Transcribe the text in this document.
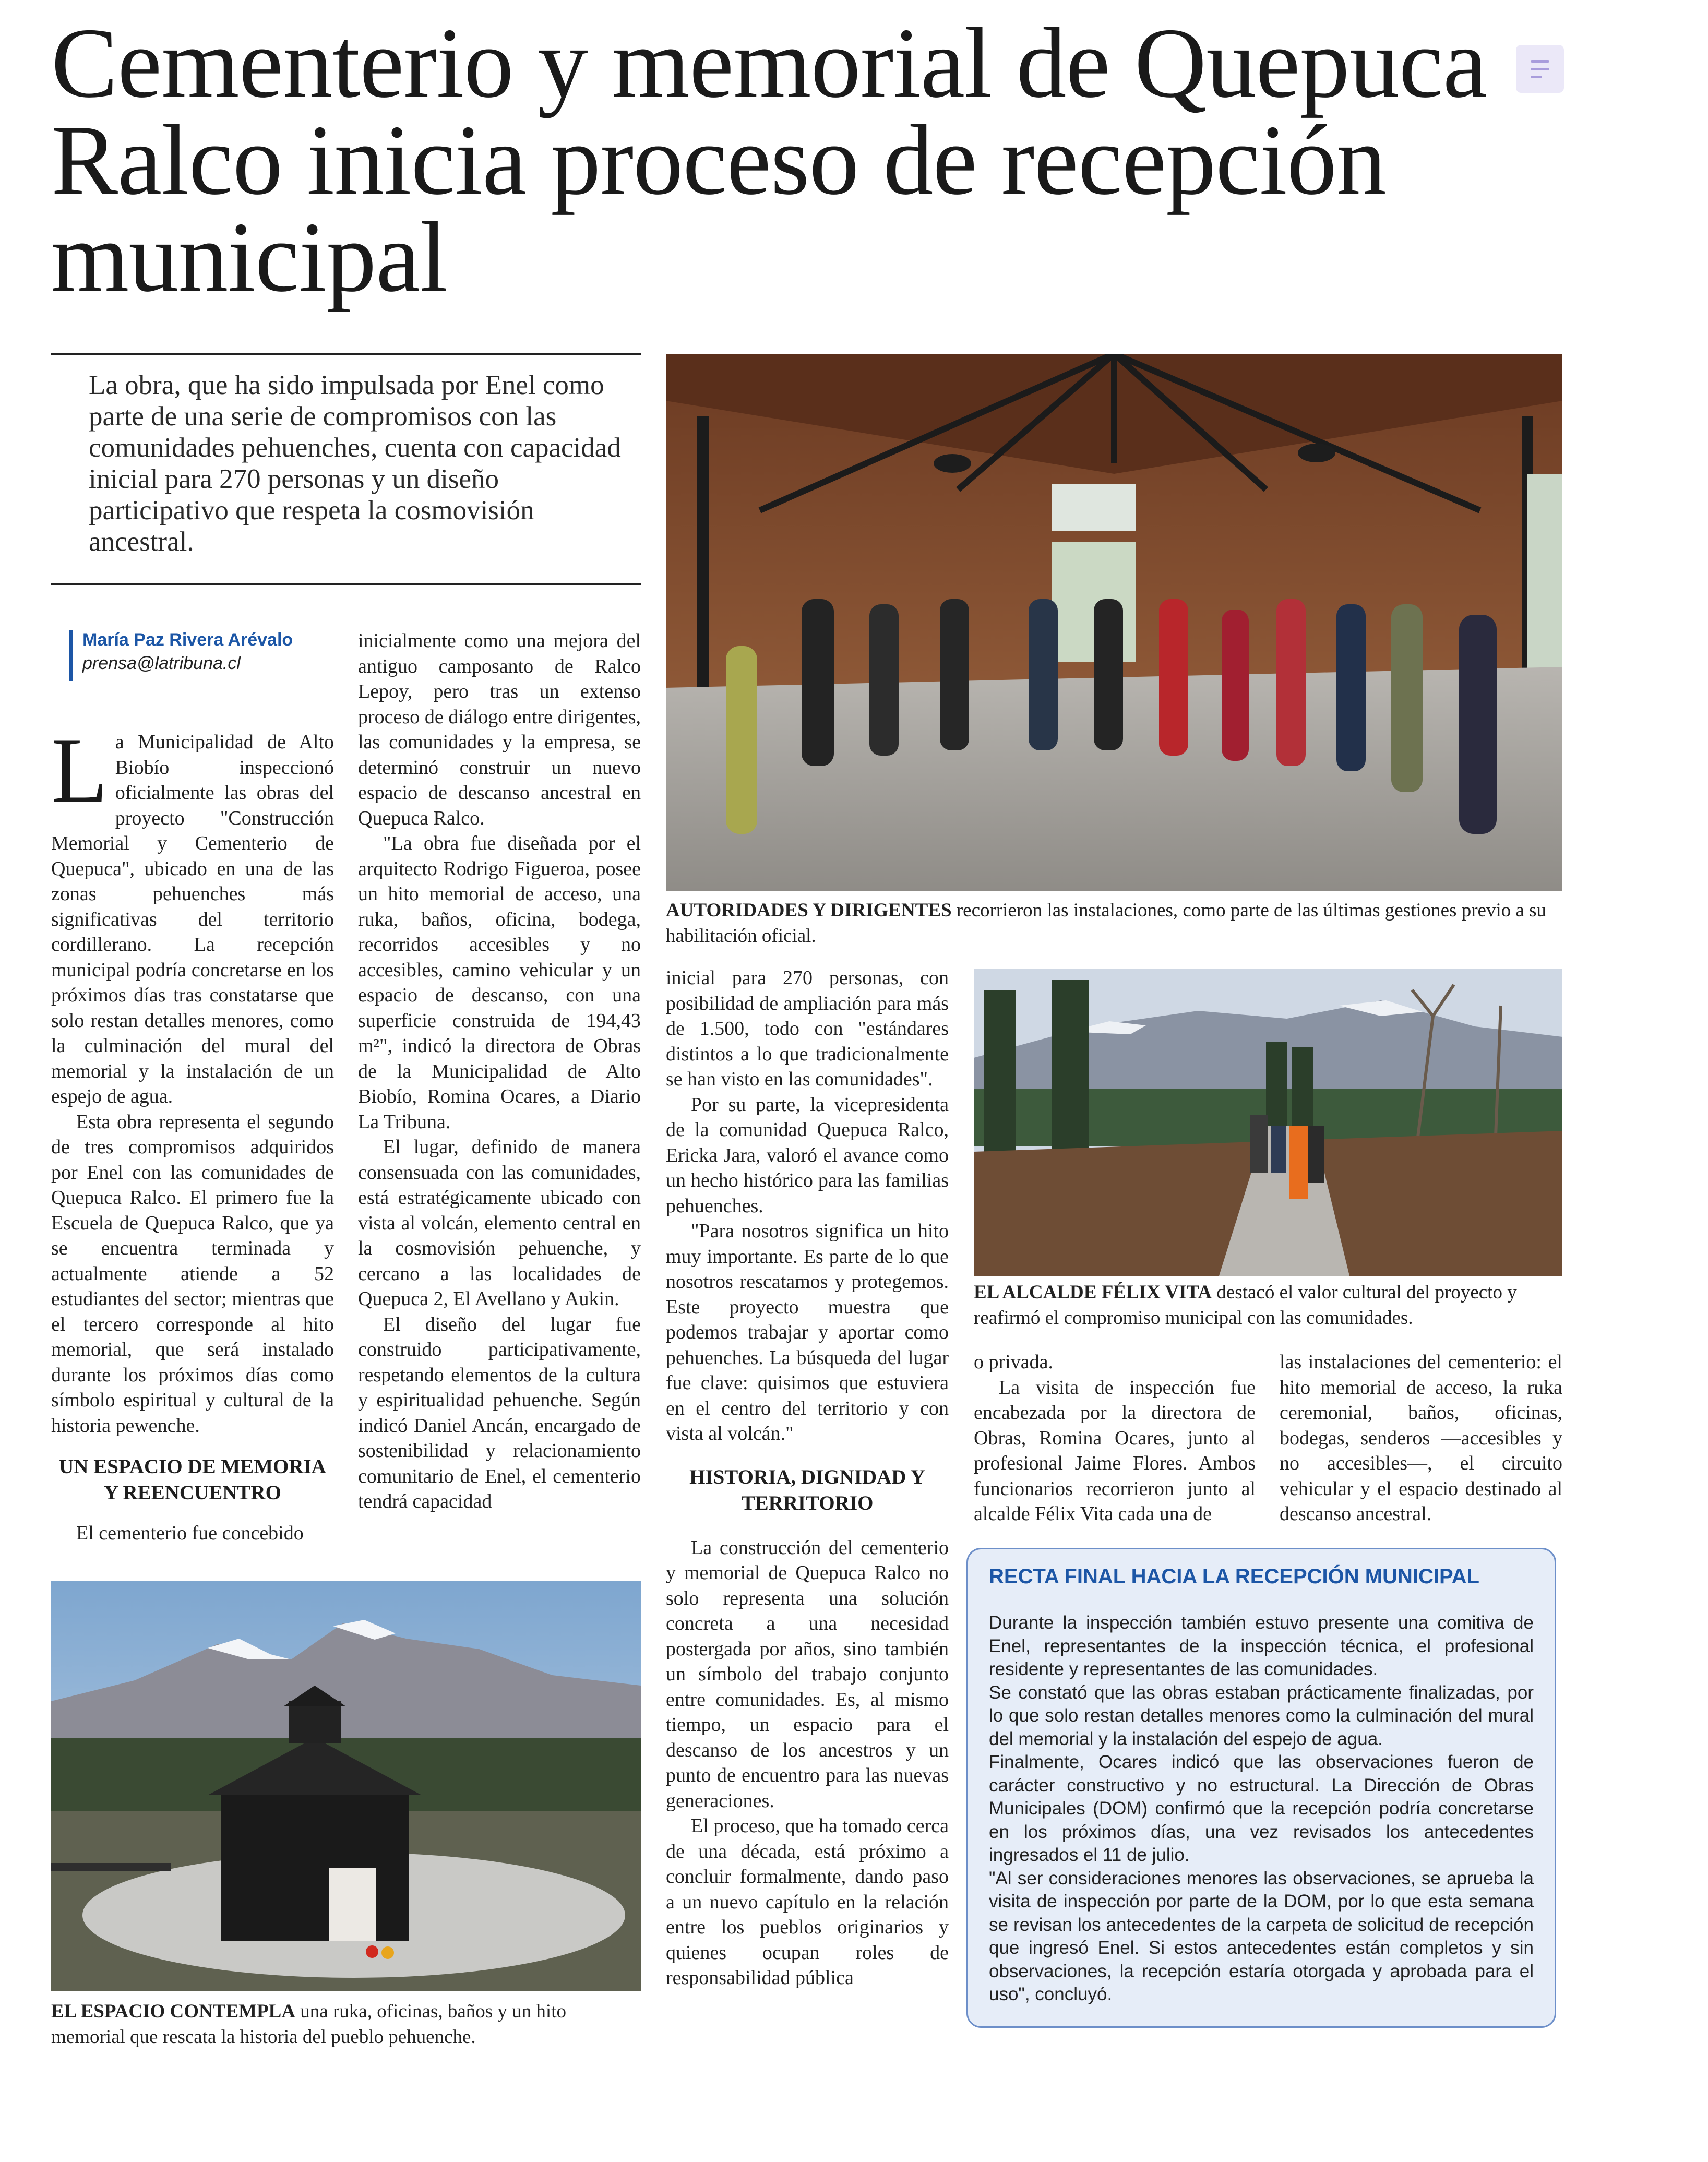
Cementerio y memorial de Quepuca Ralco inicia proceso de recepción municipal
La obra, que ha sido impulsada por Enel como parte de una serie de compromisos con las comunidades pehuenches, cuenta con capacidad inicial para 270 personas y un diseño participativo que respeta la cosmovisión ancestral.
María Paz Rivera Arévalo
prensa@latribuna.cl
L a Municipalidad de Alto Biobío inspeccionó oficialmente las obras del proyecto "Construcción Memorial y Cementerio de Quepuca", ubicado en una de las zonas pehuenches más significativas del territorio cordillerano. La recepción municipal podría concretarse en los próximos días tras constatarse que solo restan detalles menores, como la culminación del mural del memorial y la instalación de un espejo de agua.

Esta obra representa el segundo de tres compromisos adquiridos por Enel con las comunidades de Quepuca Ralco. El primero fue la Escuela de Quepuca Ralco, que ya se encuentra terminada y actualmente atiende a 52 estudiantes del sector; mientras que el tercero corresponde al hito memorial, que será instalado durante los próximos días como símbolo espiritual y cultural de la historia pewenche.

UN ESPACIO DE MEMORIA Y REENCUENTRO

El cementerio fue concebido

inicialmente como una mejora del antiguo camposanto de Ralco Lepoy, pero tras un extenso proceso de diálogo entre dirigentes, las comunidades y la empresa, se determinó construir un nuevo espacio de descanso ancestral en Quepuca Ralco.

"La obra fue diseñada por el arquitecto Rodrigo Figueroa, posee un hito memorial de acceso, una ruka, baños, oficina, bodega, recorridos accesibles y no accesibles, camino vehicular y un espacio de descanso, con una superficie construida de 194,43 m²", indicó la directora de Obras de la Municipalidad de Alto Biobío, Romina Ocares, a Diario La Tribuna.

El lugar, definido de manera consensuada con las comunidades, está estratégicamente ubicado con vista al volcán, elemento central en la cosmovisión pehuenche, y cercano a las localidades de Quepuca 2, El Avellano y Aukin.

El diseño del lugar fue construido participativamente, respetando elementos de la cultura y espiritualidad pehuenche. Según indicó Daniel Ancán, encargado de sostenibilidad y relacionamiento comunitario de Enel, el cementerio tendrá capacidad

AUTORIDADES Y DIRIGENTES recorrieron las instalaciones, como parte de las últimas gestiones previo a su habilitación oficial.

inicial para 270 personas, con posibilidad de ampliación para más de 1.500, todo con "estándares distintos a lo que tradicionalmente se han visto en las comunidades".

Por su parte, la vicepresidenta de la comunidad Quepuca Ralco, Ericka Jara, valoró el avance como un hecho histórico para las familias pehuenches.

"Para nosotros significa un hito muy importante. Es parte de lo que nosotros rescatamos y protegemos. Este proyecto muestra que podemos trabajar y aportar como pehuenches. La búsqueda del lugar fue clave: quisimos que estuviera en el centro del territorio y con vista al volcán."

HISTORIA, DIGNIDAD Y TERRITORIO

La construcción del cementerio y memorial de Quepuca Ralco no solo representa una solución concreta a una necesidad postergada por años, sino también un símbolo del trabajo conjunto entre comunidades. Es, al mismo tiempo, un espacio para el descanso de los ancestros y un punto de encuentro para las nuevas generaciones.

El proceso, que ha tomado cerca de una década, está próximo a concluir formalmente, dando paso a un nuevo capítulo en la relación entre los pueblos originarios y quienes ocupan roles de responsabilidad pública

EL ALCALDE FÉLIX VITA destacó el valor cultural del proyecto y reafirmó el compromiso municipal con las comunidades.

o privada.

La visita de inspección fue encabezada por la directora de Obras, Romina Ocares, junto al profesional Jaime Flores. Ambos funcionarios recorrieron junto al alcalde Félix Vita cada una de

las instalaciones del cementerio: el hito memorial de acceso, la ruka ceremonial, baños, oficinas, bodegas, senderos —accesibles y no accesibles—, el circuito vehicular y el espacio destinado al descanso ancestral.

EL ESPACIO CONTEMPLA una ruka, oficinas, baños y un hito memorial que rescata la historia del pueblo pehuenche.
RECTA FINAL HACIA LA RECEPCIÓN MUNICIPAL

Durante la inspección también estuvo presente una comitiva de Enel, representantes de la inspección técnica, el profesional residente y representantes de las comunidades.

Se constató que las obras estaban prácticamente finalizadas, por lo que solo restan detalles menores como la culminación del mural del memorial y la instalación del espejo de agua.

Finalmente, Ocares indicó que las observaciones fueron de carácter constructivo y no estructural. La Dirección de Obras Municipales (DOM) confirmó que la recepción podría concretarse en los próximos días, una vez revisados los antecedentes ingresados el 11 de julio.

"Al ser consideraciones menores las observaciones, se aprueba la visita de inspección por parte de la DOM, por lo que esta semana se revisan los antecedentes de la carpeta de solicitud de recepción que ingresó Enel. Si estos antecedentes están completos y sin observaciones, la recepción estaría otorgada y aprobada para el uso", concluyó.
